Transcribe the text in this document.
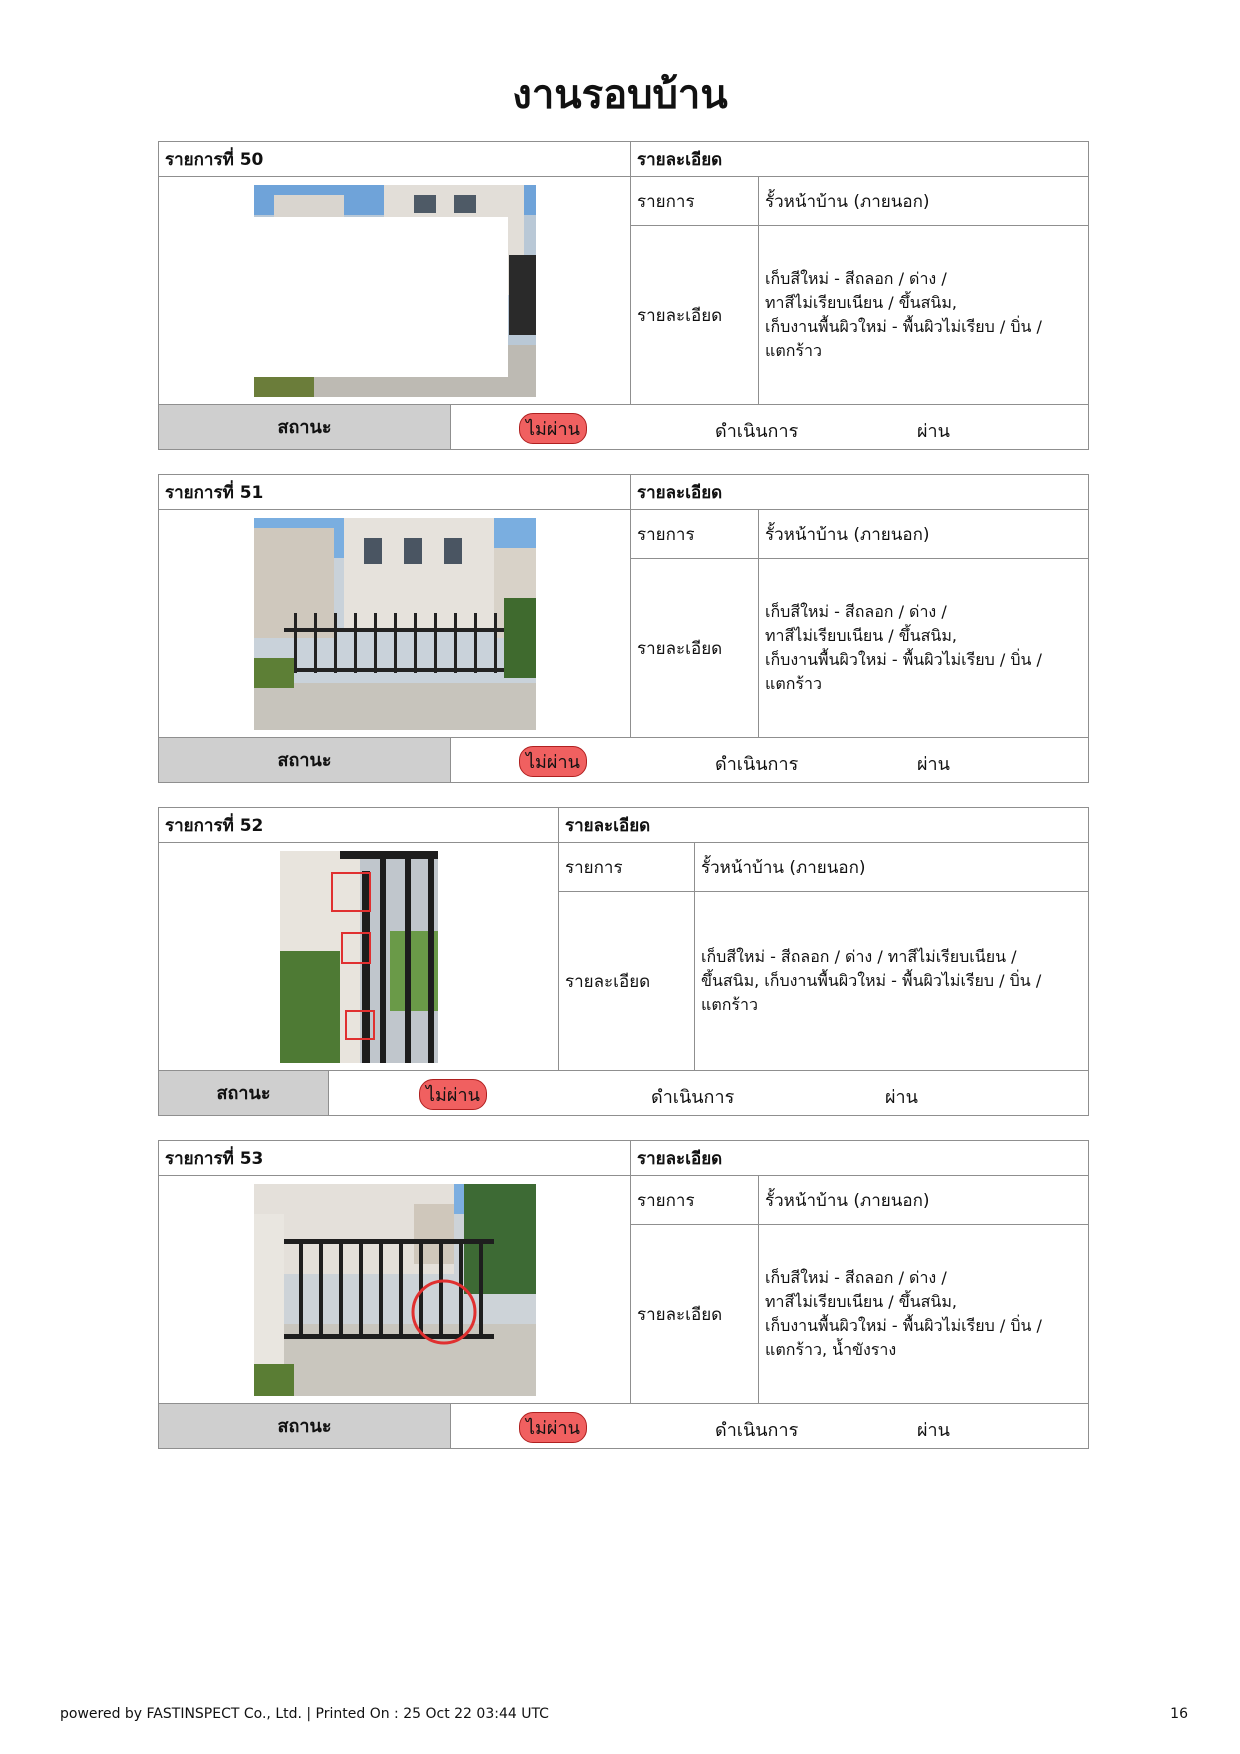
งานรอบบ้าน
รายการที่ 50	รายละเอียด	
	รายการ	รั้วหน้าบ้าน (ภายนอก)
	รายละเอียด	เก็บสีใหม่ - สีถลอก / ด่าง /
ทาสีไม่เรียบเนียน / ขึ้นสนิม,
เก็บงานพื้นผิวใหม่ - พื้นผิวไม่เรียบ / บิ่น /
แตกร้าว
สถานะ	ไม่ผ่าน	ดำเนินการ	ผ่าน
รายการที่ 51	รายละเอียด	
	รายการ	รั้วหน้าบ้าน (ภายนอก)
	รายละเอียด	เก็บสีใหม่ - สีถลอก / ด่าง /
ทาสีไม่เรียบเนียน / ขึ้นสนิม,
เก็บงานพื้นผิวใหม่ - พื้นผิวไม่เรียบ / บิ่น /
แตกร้าว
สถานะ	ไม่ผ่าน	ดำเนินการ	ผ่าน
รายการที่ 52	รายละเอียด	
	รายการ	รั้วหน้าบ้าน (ภายนอก)
	รายละเอียด	เก็บสีใหม่ - สีถลอก / ด่าง / ทาสีไม่เรียบเนียน /
ขึ้นสนิม, เก็บงานพื้นผิวใหม่ - พื้นผิวไม่เรียบ / บิ่น /
แตกร้าว
สถานะ	ไม่ผ่าน	ดำเนินการ	ผ่าน
รายการที่ 53	รายละเอียด	
	รายการ	รั้วหน้าบ้าน (ภายนอก)
	รายละเอียด	เก็บสีใหม่ - สีถลอก / ด่าง /
ทาสีไม่เรียบเนียน / ขึ้นสนิม,
เก็บงานพื้นผิวใหม่ - พื้นผิวไม่เรียบ / บิ่น /
แตกร้าว, น้ำขังราง
สถานะ	ไม่ผ่าน	ดำเนินการ	ผ่าน
powered by FASTINSPECT Co., Ltd. | Printed On : 25 Oct 22 03:44 UTC	16
